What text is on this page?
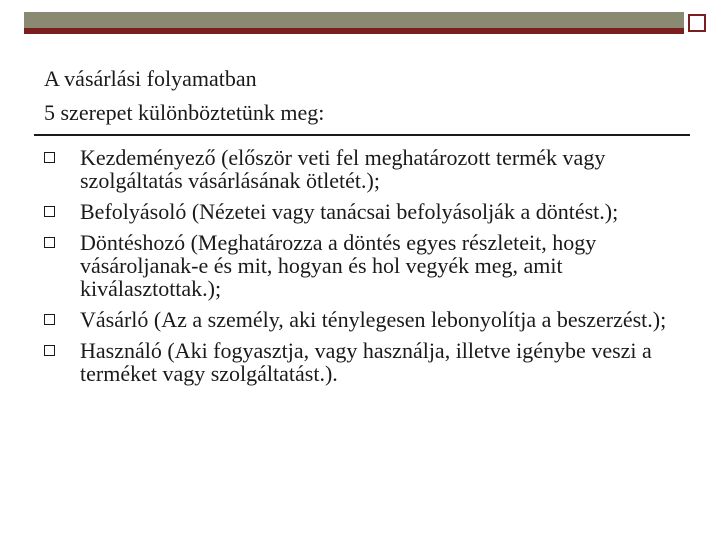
A vásárlási folyamatban
5 szerepet különböztetünk meg:
Kezdeményező (először veti fel meghatározott termék vagy szolgáltatás vásárlásának ötletét.);
Befolyásoló (Nézetei vagy tanácsai befolyásolják a döntést.);
Döntéshozó (Meghatározza a döntés egyes részleteit, hogy vásároljanak-e és mit, hogyan és hol vegyék meg, amit kiválasztottak.);
Vásárló (Az a személy, aki ténylegesen lebonyolítja a beszerzést.);
Használó (Aki fogyasztja, vagy használja, illetve igénybe veszi a terméket vagy szolgáltatást.).
